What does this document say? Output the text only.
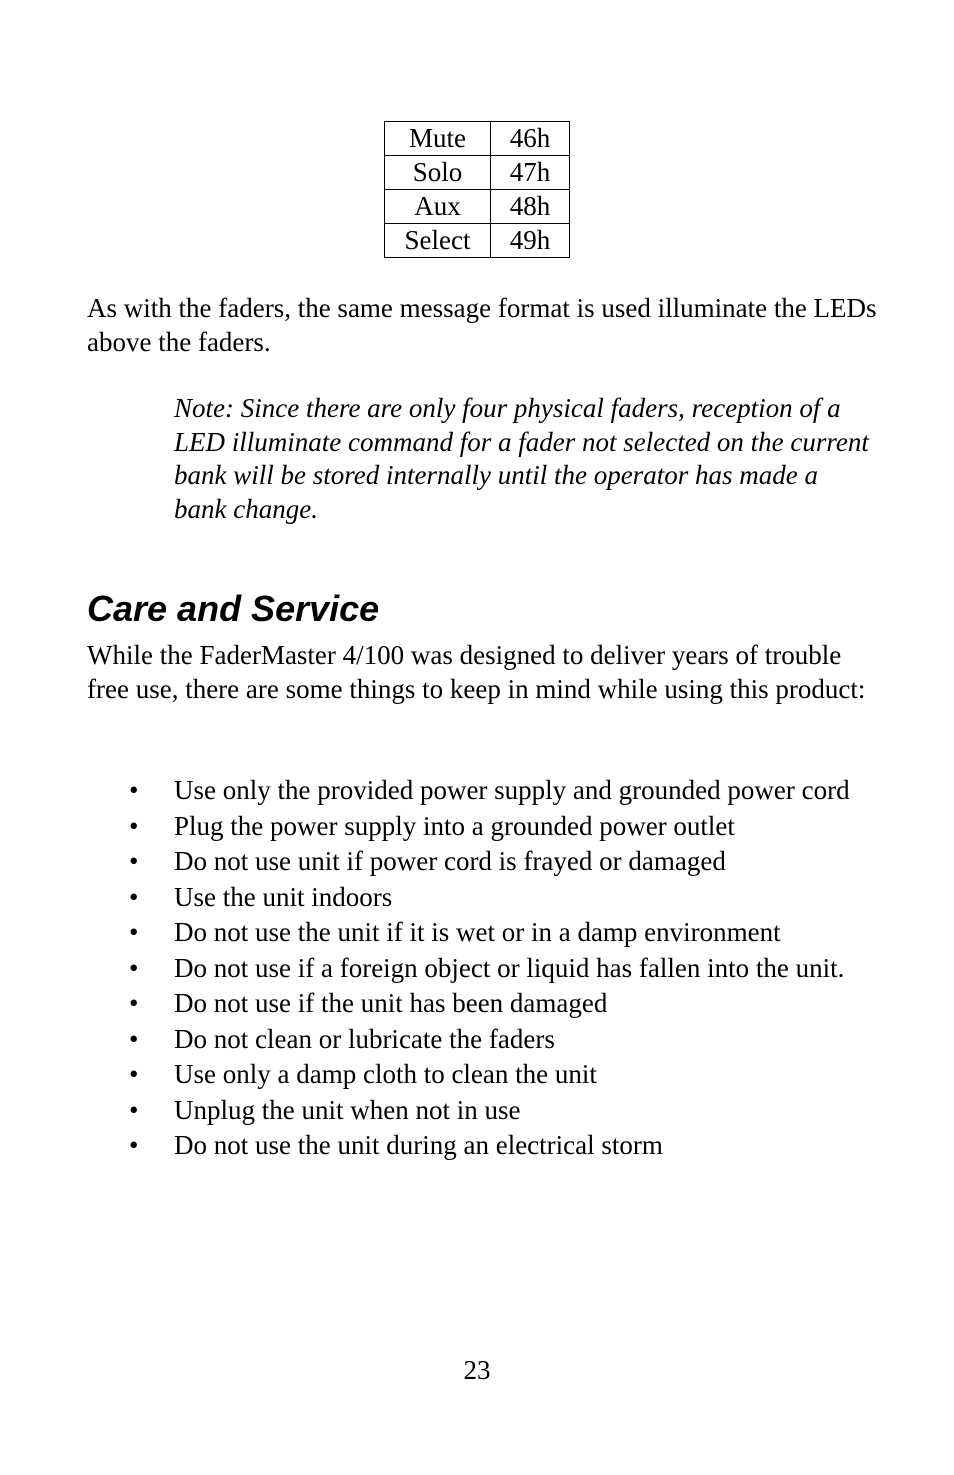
Mute	46h
Solo	47h
Aux	48h
Select	49h

As with the faders, the same message format is used illuminate the LEDs above the faders.

Note: Since there are only four physical faders, reception of a LED illuminate command for a fader not selected on the current bank will be stored internally until the operator has made a bank change.

Care and Service

While the FaderMaster 4/100 was designed to deliver years of trouble free use, there are some things to keep in mind while using this product:

• Use only the provided power supply and grounded power cord
• Plug the power supply into a grounded power outlet
• Do not use unit if power cord is frayed or damaged
• Use the unit indoors
• Do not use the unit if it is wet or in a damp environment
• Do not use if a foreign object or liquid has fallen into the unit.
• Do not use if the unit has been damaged
• Do not clean or lubricate the faders
• Use only a damp cloth to clean the unit
• Unplug the unit when not in use
• Do not use the unit during an electrical storm
23
